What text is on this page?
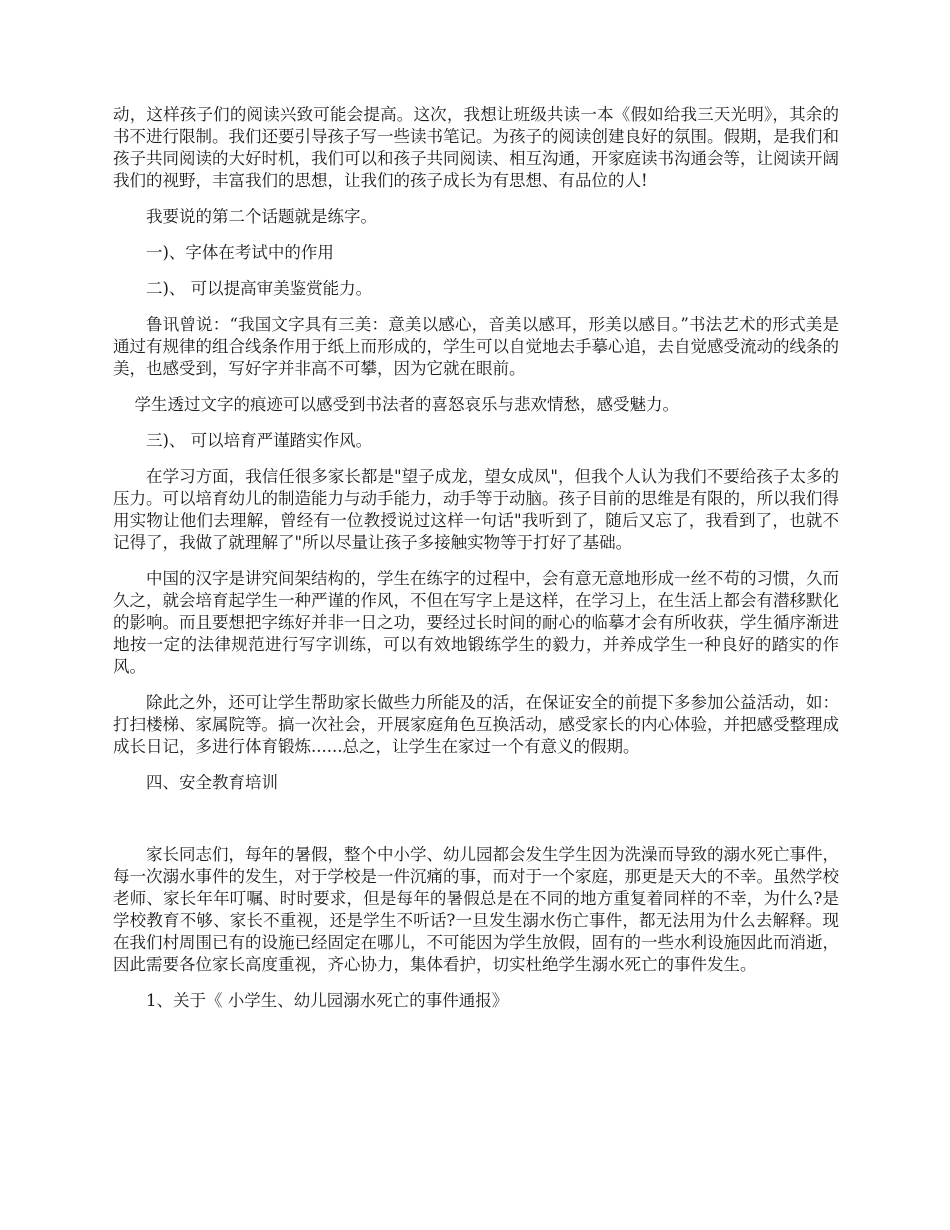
动，这样孩子们的阅读兴致可能会提高。这次，我想让班级共读一本《假如给我三天光明》，其余的书不进行限制。我们还要引导孩子写一些读书笔记。为孩子的阅读创建良好的氛围。假期，是我们和孩子共同阅读的大好时机，我们可以和孩子共同阅读、相互沟通，开家庭读书沟通会等，让阅读开阔我们的视野，丰富我们的思想，让我们的孩子成长为有思想、有品位的人!

我要说的第二个话题就是练字。

一)、字体在考试中的作用

二)、 可以提高审美鉴赏能力。

鲁讯曾说：“我国文字具有三美：意美以感心，音美以感耳，形美以感目。”书法艺术的形式美是通过有规律的组合线条作用于纸上而形成的，学生可以自觉地去手摹心追，去自觉感受流动的线条的美，也感受到，写好字并非高不可攀，因为它就在眼前。

学生透过文字的痕迹可以感受到书法者的喜怒哀乐与悲欢情愁，感受魅力。

三)、 可以培育严谨踏实作风。

在学习方面，我信任很多家长都是"望子成龙，望女成凤"，但我个人认为我们不要给孩子太多的压力。可以培育幼儿的制造能力与动手能力，动手等于动脑。孩子目前的思维是有限的，所以我们得用实物让他们去理解，曾经有一位教授说过这样一句话"我听到了，随后又忘了，我看到了，也就不记得了，我做了就理解了"所以尽量让孩子多接触实物等于打好了基础。

中国的汉字是讲究间架结构的，学生在练字的过程中，会有意无意地形成一丝不苟的习惯，久而久之，就会培育起学生一种严谨的作风，不但在写字上是这样，在学习上，在生活上都会有潜移默化的影响。而且要想把字练好并非一日之功，要经过长时间的耐心的临摹才会有所收获，学生循序渐进地按一定的法律规范进行写字训练，可以有效地锻练学生的毅力，并养成学生一种良好的踏实的作风。

除此之外，还可让学生帮助家长做些力所能及的活，在保证安全的前提下多参加公益活动，如：打扫楼梯、家属院等。搞一次社会，开展家庭角色互换活动，感受家长的内心体验，并把感受整理成成长日记，多进行体育锻炼......总之，让学生在家过一个有意义的假期。

四、安全教育培训

家长同志们，每年的暑假，整个中小学、幼儿园都会发生学生因为洗澡而导致的溺水死亡事件，每一次溺水事件的发生，对于学校是一件沉痛的事，而对于一个家庭，那更是天大的不幸。虽然学校老师、家长年年叮嘱、时时要求，但是每年的暑假总是在不同的地方重复着同样的不幸，为什么?是学校教育不够、家长不重视，还是学生不听话?一旦发生溺水伤亡事件，都无法用为什么去解释。现在我们村周围已有的设施已经固定在哪儿，不可能因为学生放假，固有的一些水利设施因此而消逝，因此需要各位家长高度重视，齐心协力，集体看护，切实杜绝学生溺水死亡的事件发生。

1、关于《 小学生、幼儿园溺水死亡的事件通报》
